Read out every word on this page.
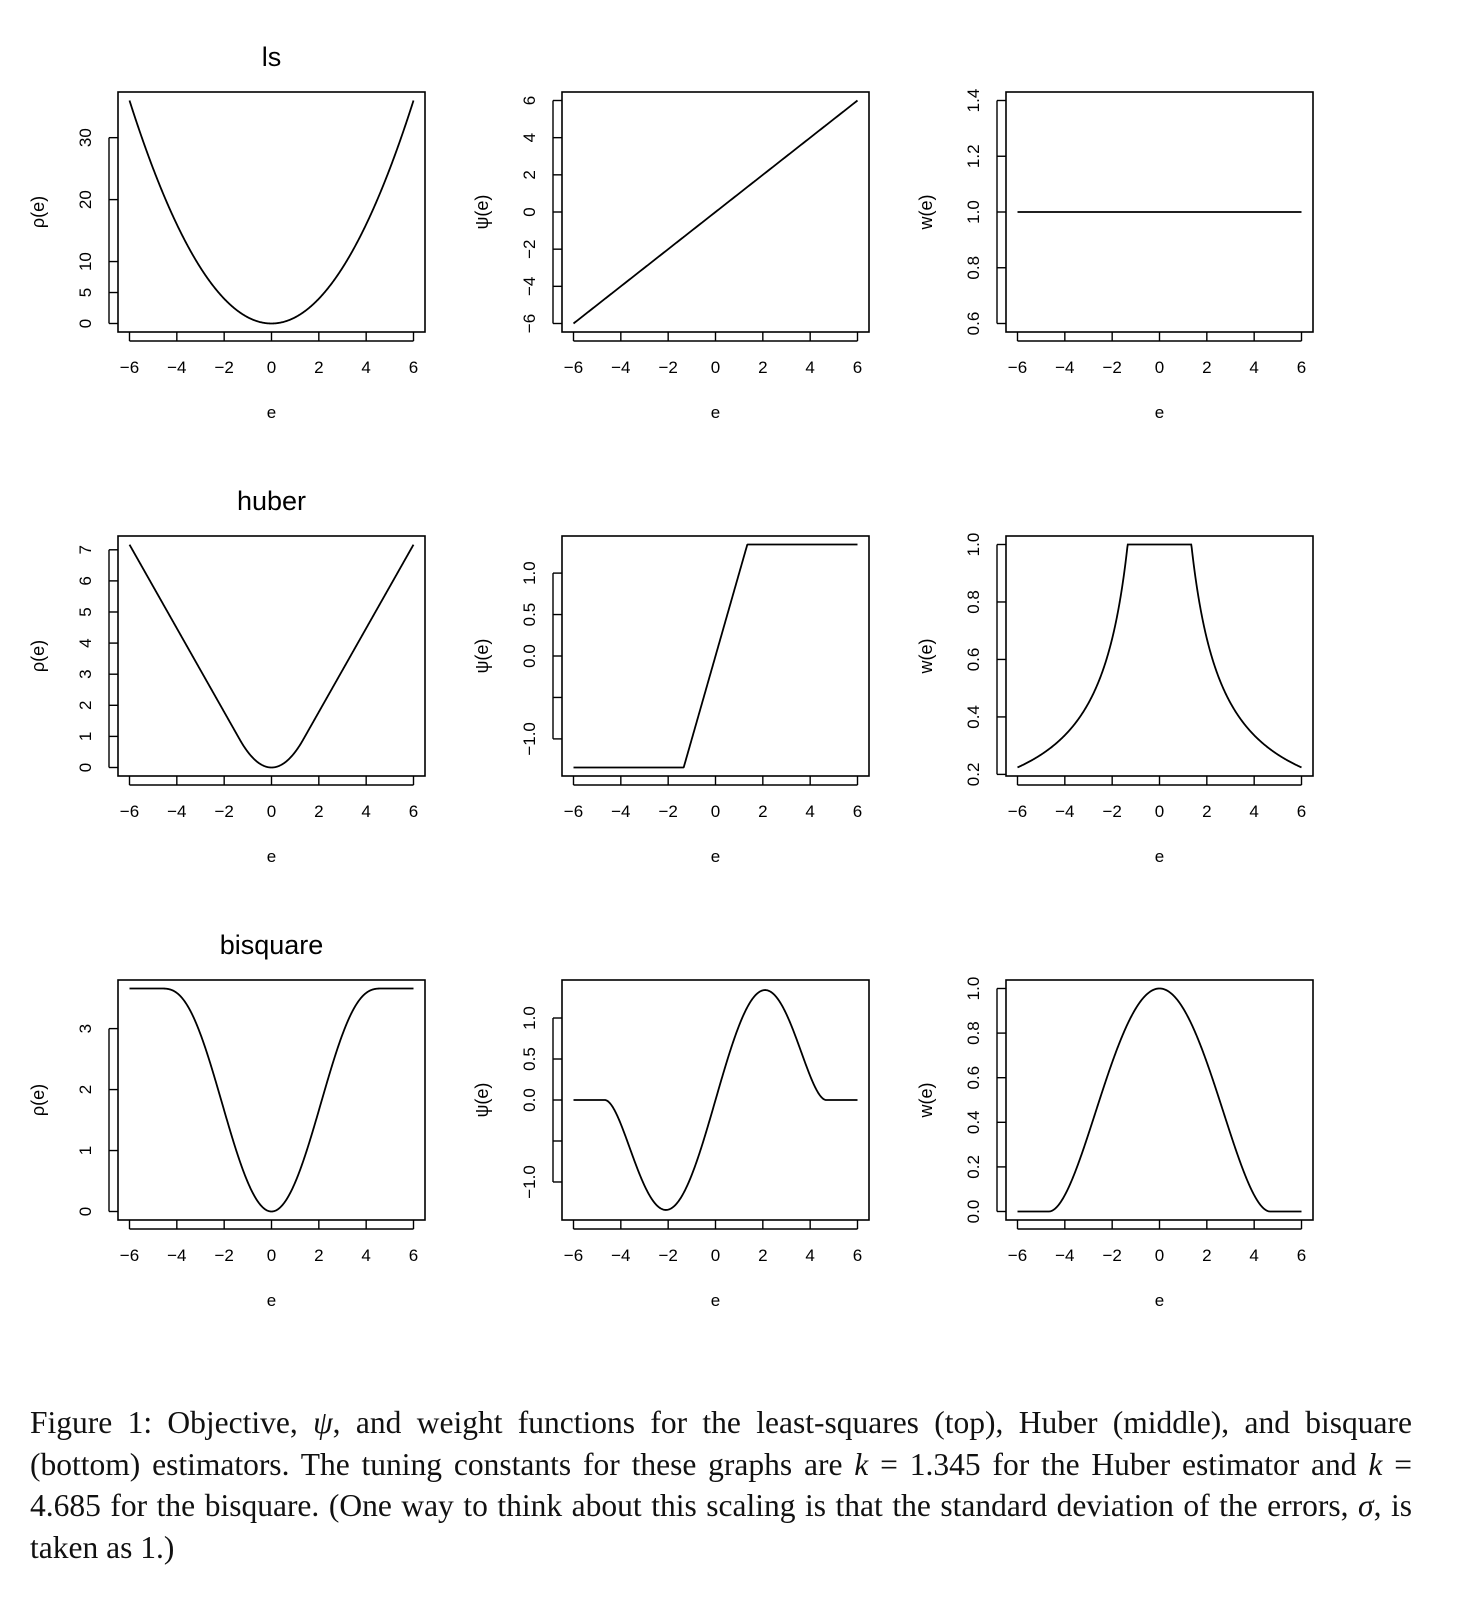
−6 −4 −2 0 2 4 6
0
5
10
20
30
e
ρ(e)
ls
−6 −4 −2 0 2 4 6
−6
−4
−2
0
2
4
6
e
ψ(e)
−6 −4 −2 0 2 4 6
0.6
0.8
1.0
1.2
1.4
e
w(e)
−6 −4 −2 0 2 4 6
0
1
2
3
4
5
6
7
e
ρ(e)
huber
−6 −4 −2 0 2 4 6
−1.0
0.0
0.5
1.0
e
ψ(e)
−6 −4 −2 0 2 4 6
0.2
0.4
0.6
0.8
1.0
e
w(e)
−6 −4 −2 0 2 4 6
0
1
2
3
e
ρ(e)
bisquare
−6 −4 −2 0 2 4 6
−1.0
0.0
0.5
1.0
e
ψ(e)
−6 −4 −2 0 2 4 6
0.0
0.2
0.4
0.6
0.8
1.0
e
w(e)

Figure 1: Objective, ψ, and weight functions for the least-squares (top), Huber (middle), and bisquare (bottom) estimators. The tuning constants for these graphs are k = 1.345 for the Huber estimator and k = 4.685 for the bisquare. (One way to think about this scaling is that the standard deviation of the errors, σ, is taken as 1.)
